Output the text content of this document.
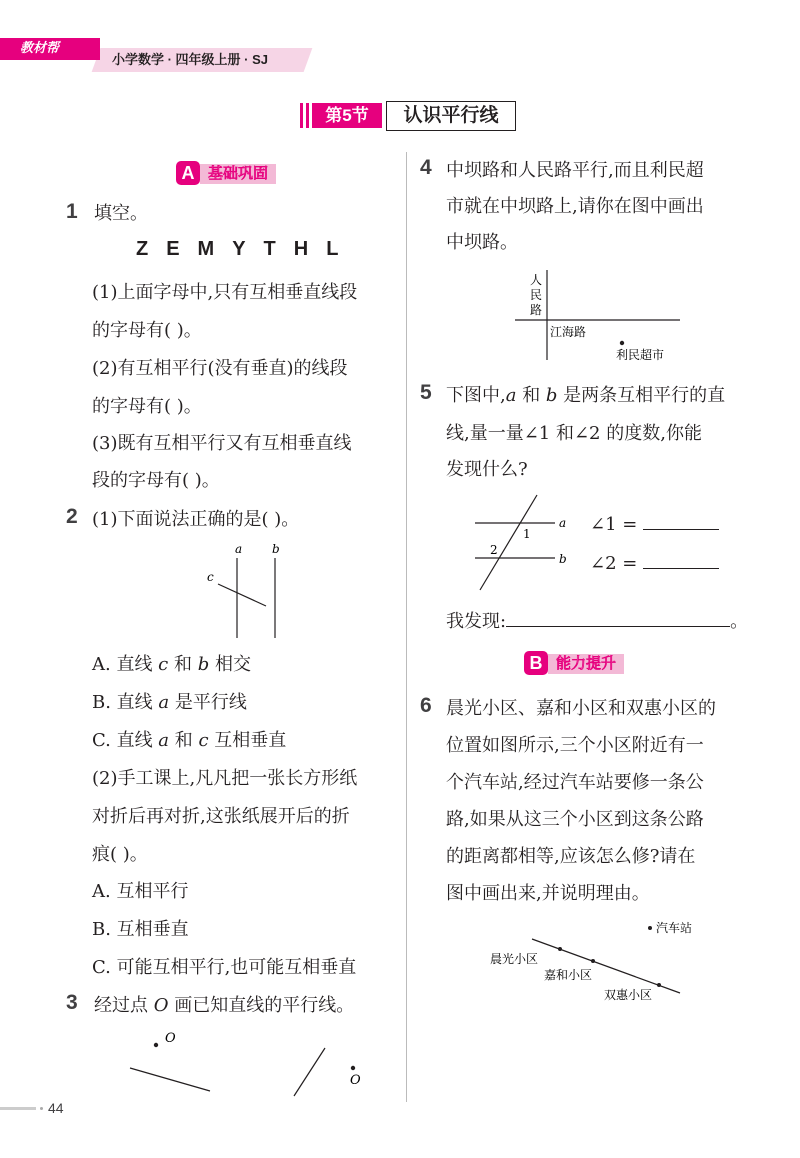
教材帮
小学数学 · 四年级上册 · SJ
第5节	认识平行线
A 基础巩固
1 填空。
ZEMYTHL
(1)上面字母中,只有互相垂直线段
的字母有( )。
(2)有互相平行(没有垂直)的线段
的字母有( )。
(3)既有互相平行又有互相垂直线
段的字母有( )。
2 (1)下面说法正确的是( )。
a b
c
A. 直线 c 和 b 相交
B. 直线 a 是平行线
C. 直线 a 和 c 互相垂直
(2)手工课上,凡凡把一张长方形纸
对折后再对折,这张纸展开后的折
痕( )。
A. 互相平行
B. 互相垂直
C. 可能互相平行,也可能互相垂直
3 经过点 O 画已知直线的平行线。
O
O
4 中坝路和人民路平行,而且利民超
市就在中坝路上,请你在图中画出
中坝路。
人
民
路
江海路
利民超市
5 下图中,a 和 b 是两条互相平行的直
线,量一量∠1 和∠2 的度数,你能
发现什么?
a
b
1
2
∠1 =
∠2 =
我发现:	。
B 能力提升
6 晨光小区、嘉和小区和双惠小区的
位置如图所示,三个小区附近有一
个汽车站,经过汽车站要修一条公
路,如果从这三个小区到这条公路
的距离都相等,应该怎么修?请在
图中画出来,并说明理由。
汽车站
晨光小区
嘉和小区
双惠小区
44
